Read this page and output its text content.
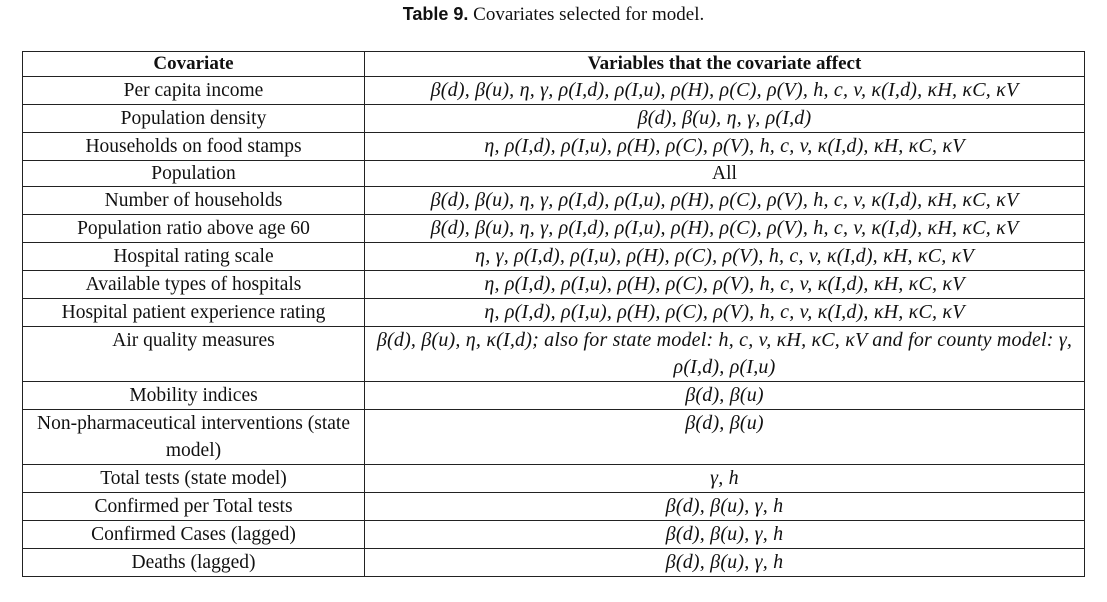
Table 9. Covariates selected for model.
Covariate	Variables that the covariate affect
Per capita income	β(d), β(u), η, γ, ρ(I,d), ρ(I,u), ρ(H), ρ(C), ρ(V), h, c, v, κ(I,d), κH, κC, κV
Population density	β(d), β(u), η, γ, ρ(I,d)
Households on food stamps	η, ρ(I,d), ρ(I,u), ρ(H), ρ(C), ρ(V), h, c, v, κ(I,d), κH, κC, κV
Population	All
Number of households	β(d), β(u), η, γ, ρ(I,d), ρ(I,u), ρ(H), ρ(C), ρ(V), h, c, v, κ(I,d), κH, κC, κV
Population ratio above age 60	β(d), β(u), η, γ, ρ(I,d), ρ(I,u), ρ(H), ρ(C), ρ(V), h, c, v, κ(I,d), κH, κC, κV
Hospital rating scale	η, γ, ρ(I,d), ρ(I,u), ρ(H), ρ(C), ρ(V), h, c, v, κ(I,d), κH, κC, κV
Available types of hospitals	η, ρ(I,d), ρ(I,u), ρ(H), ρ(C), ρ(V), h, c, v, κ(I,d), κH, κC, κV
Hospital patient experience rating	η, ρ(I,d), ρ(I,u), ρ(H), ρ(C), ρ(V), h, c, v, κ(I,d), κH, κC, κV
Air quality measures	β(d), β(u), η, κ(I,d); also for state model: h, c, v, κH, κC, κV and for county model: γ, ρ(I,d), ρ(I,u)
Mobility indices	β(d), β(u)
Non-pharmaceutical interventions (state model)	β(d), β(u)
Total tests (state model)	γ, h
Confirmed per Total tests	β(d), β(u), γ, h
Confirmed Cases (lagged)	β(d), β(u), γ, h
Deaths (lagged)	β(d), β(u), γ, h
